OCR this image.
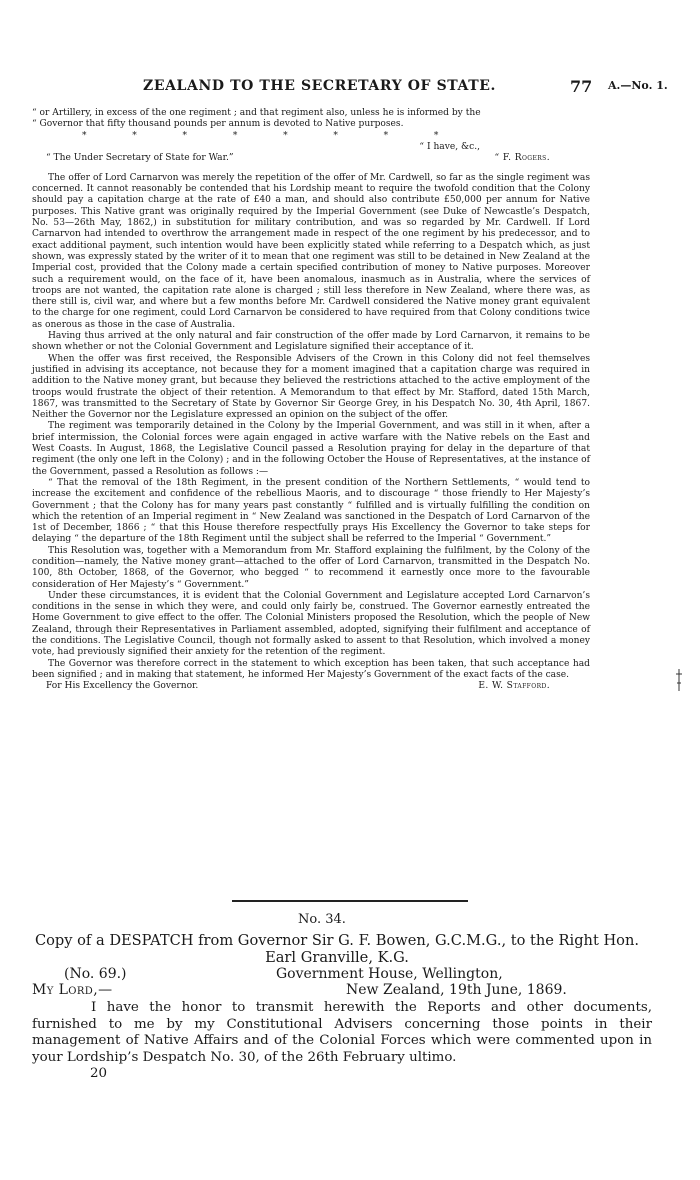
ZEALAND TO THE SECRETARY OF STATE.	77 A.—No. 1.

“ or Artillery, in excess of the one regiment ; and that regiment also, unless he is informed by the

“ Governor that fifty thousand pounds per annum is devoted to Native purposes.

*                *                *                *                *                *                *                *

“ I have, &c.,

“ The Under Secretary of State for War.”	“ F. Rogers.

The offer of Lord Carnarvon was merely the repetition of the offer of Mr. Cardwell, so far as the single regiment was concerned. It cannot reasonably be contended that his Lordship meant to require the twofold condition that the Colony should pay a capitation charge at the rate of £40 a man, and should also contribute £50,000 per annum for Native purposes. This Native grant was originally required by the Imperial Government (see Duke of Newcastle’s Despatch, No. 53—26th May, 1862,) in substitution for military contribution, and was so regarded by Mr. Cardwell. If Lord Carnarvon had intended to overthrow the arrangement made in respect of the one regiment by his predecessor, and to exact additional payment, such intention would have been explicitly stated while referring to a Despatch which, as just shown, was expressly stated by the writer of it to mean that one regiment was still to be detained in New Zealand at the Imperial cost, provided that the Colony made a certain specified contribution of money to Native purposes. Moreover such a requirement would, on the face of it, have been anomalous, inasmuch as in Australia, where the services of troops are not wanted, the capitation rate alone is charged ; still less therefore in New Zealand, where there was, as there still is, civil war, and where but a few months before Mr. Cardwell considered the Native money grant equivalent to the charge for one regiment, could Lord Carnarvon be considered to have required from that Colony conditions twice as onerous as those in the case of Australia.

Having thus arrived at the only natural and fair construction of the offer made by Lord Carnarvon, it remains to be shown whether or not the Colonial Government and Legislature signified their acceptance of it.

When the offer was first received, the Responsible Advisers of the Crown in this Colony did not feel themselves justified in advising its acceptance, not because they for a moment imagined that a capitation charge was required in addition to the Native money grant, but because they believed the restrictions attached to the active employment of the troops would frustrate the object of their retention. A Memorandum to that effect by Mr. Stafford, dated 15th March, 1867, was transmitted to the Secretary of State by Governor Sir George Grey, in his Despatch No. 30, 4th April, 1867. Neither the Governor nor the Legislature expressed an opinion on the subject of the offer.

The regiment was temporarily detained in the Colony by the Imperial Government, and was still in it when, after a brief intermission, the Colonial forces were again engaged in active warfare with the Native rebels on the East and West Coasts. In August, 1868, the Legislative Council passed a Resolution praying for delay in the departure of that regiment (the only one left in the Colony) ; and in the following October the House of Representatives, at the instance of the Government, passed a Resolution as follows :—

“ That the removal of the 18th Regiment, in the present condition of the Northern Settlements, “ would tend to increase the excitement and confidence of the rebellious Maoris, and to discourage “ those friendly to Her Majesty’s Government ; that the Colony has for many years past constantly “ fulfilled and is virtually fulfilling the condition on which the retention of an Imperial regiment in “ New Zealand was sanctioned in the Despatch of Lord Carnarvon of the 1st of December, 1866 ; “ that this House therefore respectfully prays His Excellency the Governor to take steps for delaying “ the departure of the 18th Regiment until the subject shall be referred to the Imperial “ Government.”

This Resolution was, together with a Memorandum from Mr. Stafford explaining the fulfilment, by the Colony of the condition—namely, the Native money grant—attached to the offer of Lord Carnarvon, transmitted in the Despatch No. 100, 8th October, 1868, of the Governor, who begged “ to recommend it earnestly once more to the favourable consideration of Her Majesty’s “ Government.”

Under these circumstances, it is evident that the Colonial Government and Legislature accepted Lord Carnarvon’s conditions in the sense in which they were, and could only fairly be, construed. The Governor earnestly entreated the Home Government to give effect to the offer. The Colonial Ministers proposed the Resolution, which the people of New Zealand, through their Representatives in Parliament assembled, adopted, signifying their fulfilment and acceptance of the conditions. The Legislative Council, though not formally asked to assent to that Resolution, which involved a money vote, had previously signified their anxiety for the retention of the regiment.

The Governor was therefore correct in the statement to which exception has been taken, that such acceptance had been signified ; and in making that statement, he informed Her Majesty’s Government of the exact facts of the case.

For His Excellency the Governor.	E. W. Stafford.
No. 34.
Copy of a DESPATCH from Governor Sir G. F. Bowen, G.C.M.G., to the Right Hon. Earl Granville, K.G.
(No. 69.)	Government House, Wellington,
My Lord,—	New Zealand, 19th June, 1869.
I have the honor to transmit herewith the Reports and other documents, furnished to me by my Constitutional Advisers concerning those points in their management of Native Affairs and of the Colonial Forces which were commented upon in your Lordship’s Despatch No. 30, of the 26th February ultimo.
20
